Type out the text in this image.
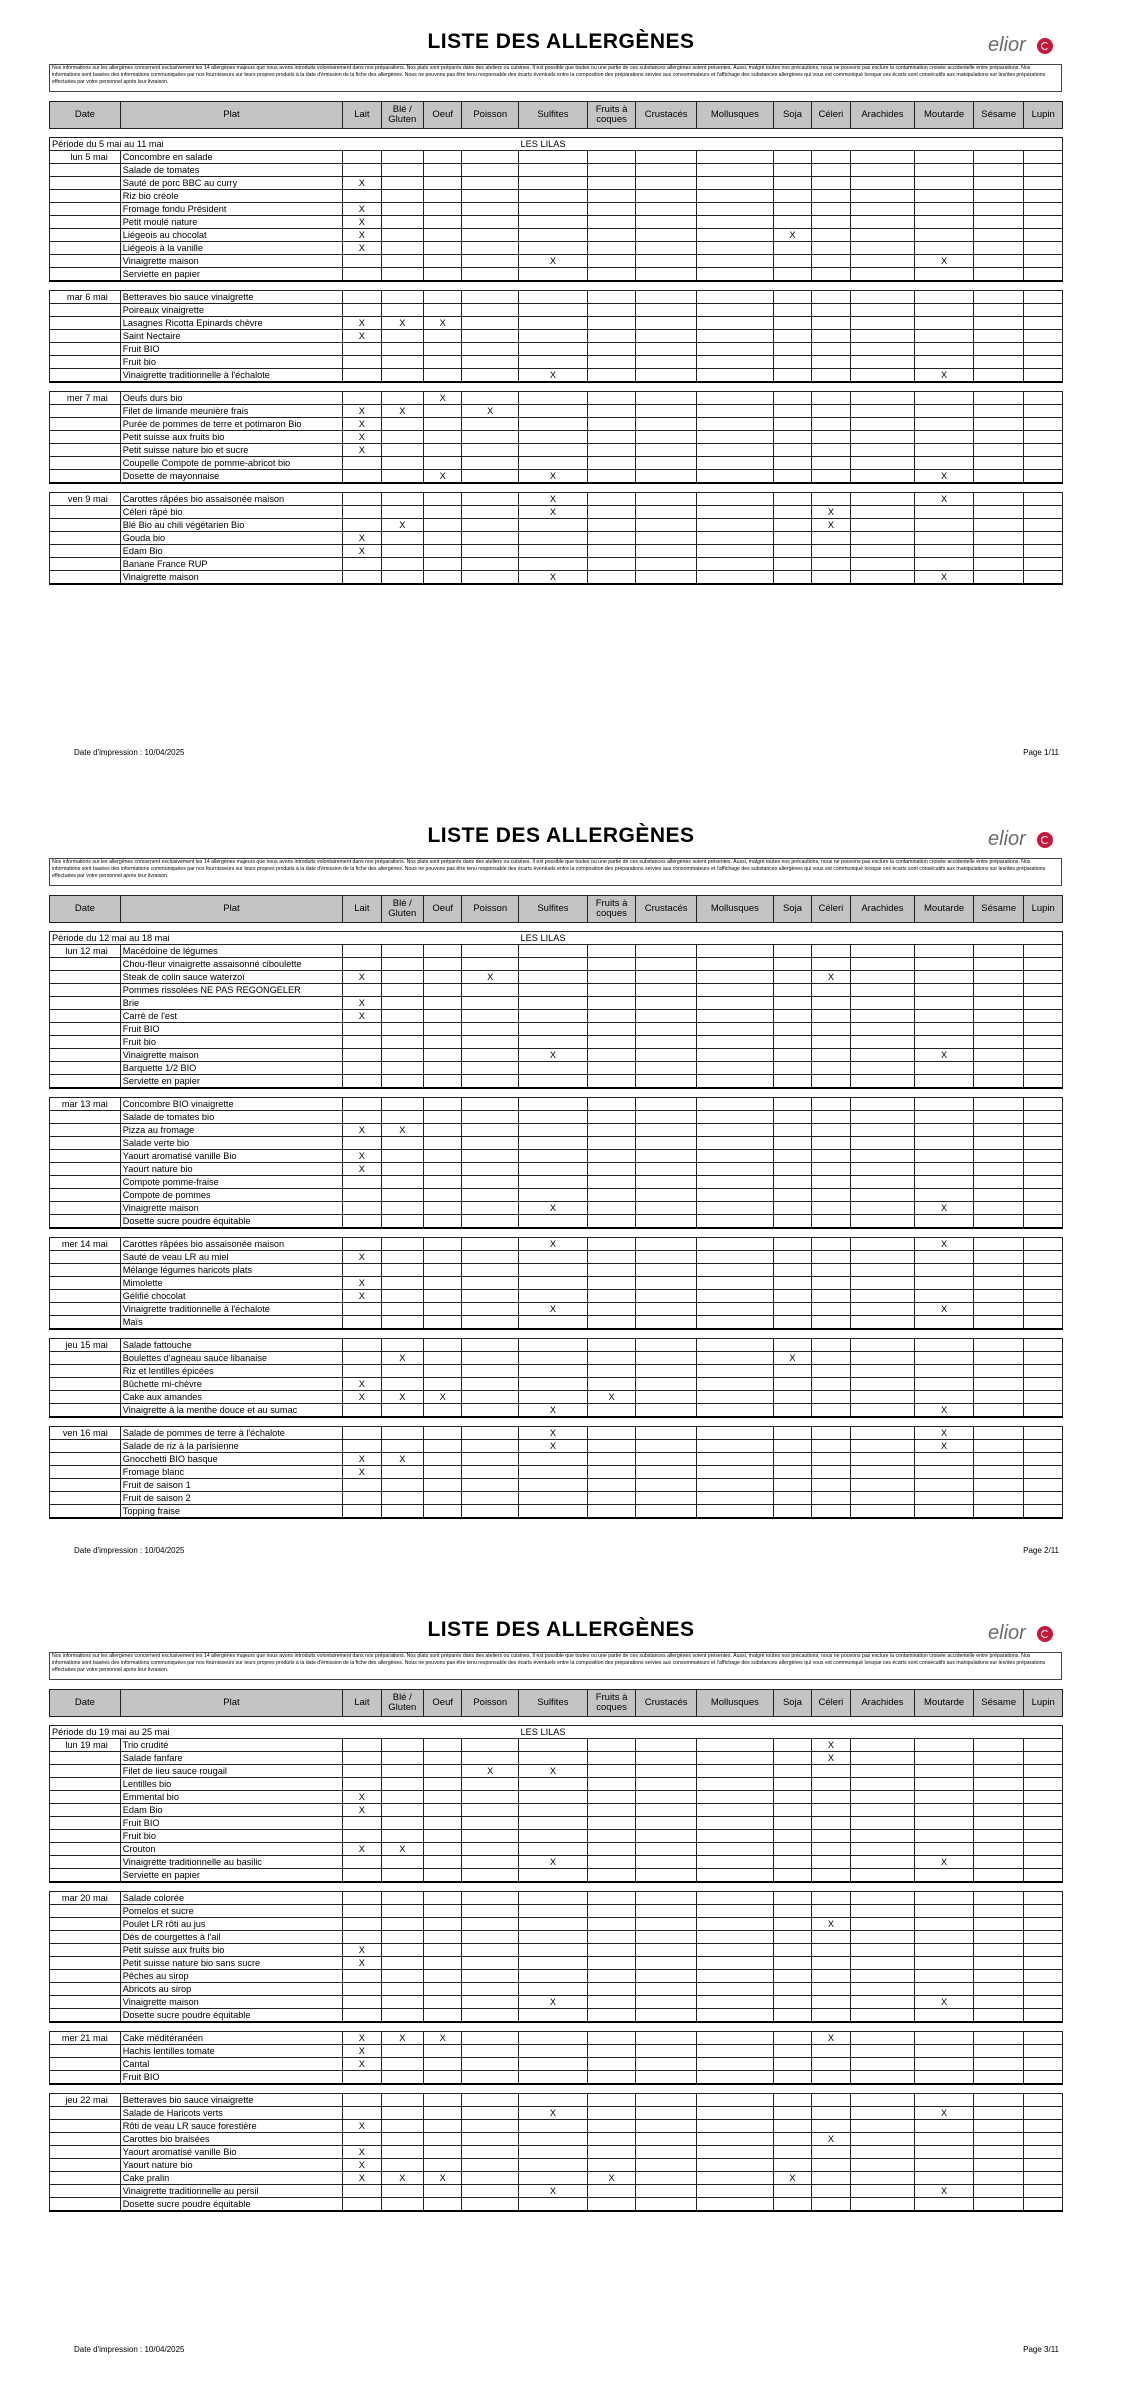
LISTE DES ALLERGÈNES	elior
Nos informations sur les allergènes concernent exclusivement les 14 allergènes majeurs que nous avons introduits volontairement dans nos préparations. Nos plats sont préparés dans des ateliers ou cuisines. Il est possible que toutes ou une partie de ces substances allergènes soient présentes. Aussi, malgré toutes nos précautions, nous ne pouvons pas exclure la contamination croisée accidentelle entre préparations. Nos informations sont basées des informations communiquées par nos fournisseurs sur leurs propres produits à la date d'émission de la fiche des allergènes. Nous ne pouvons pas être tenu responsable des écarts éventuels entre la composition des préparations servies aux consommateurs et l'affichage des substances allergènes qui vous est communiqué lorsque ces écarts sont consécutifs aux manipulations sur les/des préparations effectuées par votre personnel après leur livraison.
Date	Plat	Lait	Blé / Gluten	Oeuf	Poisson	Sulfites	Fruits à coques	Crustacés	Mollusques	Soja	Céleri	Arachides	Moutarde	Sésame	Lupin

Période du 5 mai au 11 mai						LES LILAS									
lun 5 mai	Concombre en salade														
	Salade de tomates														
	Sauté de porc BBC au curry	X													
	Riz bio créole														
	Fromage fondu Président	X													
	Petit moulé nature	X													
	Liégeois au chocolat	X								X					
	Liégeois à la vanille	X													
	Vinaigrette maison					X							X		
	Serviette en papier														

mar 6 mai	Betteraves bio sauce vinaigrette														
	Poireaux vinaigrette														
	Lasagnes Ricotta Epinards chèvre	X	X	X											
	Saint Nectaire	X													
	Fruit BIO														
	Fruit bio														
	Vinaigrette traditionnelle à l'échalote					X							X		

mer 7 mai	Oeufs durs bio			X											
	Filet de limande meunière frais	X	X		X										
	Purée de pommes de terre et potimaron Bio	X													
	Petit suisse aux fruits bio	X													
	Petit suisse nature bio et sucre	X													
	Coupelle Compote de pomme-abricot bio														
	Dosette de mayonnaise			X		X							X		

ven 9 mai	Carottes râpées bio assaisonée maison					X							X		
	Céleri râpé bio					X					X				
	Blé Bio au chili végétarien Bio		X								X				
	Gouda bio	X													
	Edam Bio	X													
	Banane France RUP														
	Vinaigrette maison					X							X		
Date d'impression : 10/04/2025	Page 1/11
LISTE DES ALLERGÈNES	elior
Nos informations sur les allergènes concernent exclusivement les 14 allergènes majeurs que nous avons introduits volontairement dans nos préparations. Nos plats sont préparés dans des ateliers ou cuisines. Il est possible que toutes ou une partie de ces substances allergènes soient présentes. Aussi, malgré toutes nos précautions, nous ne pouvons pas exclure la contamination croisée accidentelle entre préparations. Nos informations sont basées des informations communiquées par nos fournisseurs sur leurs propres produits à la date d'émission de la fiche des allergènes. Nous ne pouvons pas être tenu responsable des écarts éventuels entre la composition des préparations servies aux consommateurs et l'affichage des substances allergènes qui vous est communiqué lorsque ces écarts sont consécutifs aux manipulations sur les/des préparations effectuées par votre personnel après leur livraison.
Date	Plat	Lait	Blé / Gluten	Oeuf	Poisson	Sulfites	Fruits à coques	Crustacés	Mollusques	Soja	Céleri	Arachides	Moutarde	Sésame	Lupin

Période du 12 mai au 18 mai						LES LILAS									
lun 12 mai	Macédoine de légumes														
	Chou-fleur vinaigrette assaisonné ciboulette														
	Steak de colin sauce waterzoï	X			X						X				
	Pommes rissolées NE PAS REGONGELER														
	Brie	X													
	Carré de l'est	X													
	Fruit BIO														
	Fruit bio														
	Vinaigrette maison					X							X		
	Barquette 1/2 BIO														
	Serviette en papier														

mar 13 mai	Concombre BIO vinaigrette														
	Salade de tomates bio														
	Pizza au fromage	X	X												
	Salade verte bio														
	Yaourt aromatisé vanille Bio	X													
	Yaourt nature bio	X													
	Compote pomme-fraise														
	Compote de pommes														
	Vinaigrette maison					X							X		
	Dosette sucre poudre équitable														

mer 14 mai	Carottes râpées bio assaisonée maison					X							X		
	Sauté de veau LR au miel	X													
	Mélange légumes haricots plats														
	Mimolette	X													
	Gélifié chocolat	X													
	Vinaigrette traditionnelle à l'échalote					X							X		
	Maïs														

jeu 15 mai	Salade fattouche														
	Boulettes d'agneau sauce libanaise		X							X					
	Riz et lentilles épicées														
	Bûchette mi-chèvre	X													
	Cake aux amandes	X	X	X			X								
	Vinaigrette à la menthe douce et au sumac					X							X		

ven 16 mai	Salade de pommes de terre à l'échalote					X							X		
	Salade de riz à la parisienne					X							X		
	Gnocchetti BIO basque	X	X												
	Fromage blanc	X													
	Fruit de saison 1														
	Fruit de saison 2														
	Topping fraise														
Date d'impression : 10/04/2025	Page 2/11
LISTE DES ALLERGÈNES	elior
Nos informations sur les allergènes concernent exclusivement les 14 allergènes majeurs que nous avons introduits volontairement dans nos préparations. Nos plats sont préparés dans des ateliers ou cuisines. Il est possible que toutes ou une partie de ces substances allergènes soient présentes. Aussi, malgré toutes nos précautions, nous ne pouvons pas exclure la contamination croisée accidentelle entre préparations. Nos informations sont basées des informations communiquées par nos fournisseurs sur leurs propres produits à la date d'émission de la fiche des allergènes. Nous ne pouvons pas être tenu responsable des écarts éventuels entre la composition des préparations servies aux consommateurs et l'affichage des substances allergènes qui vous est communiqué lorsque ces écarts sont consécutifs aux manipulations sur les/des préparations effectuées par votre personnel après leur livraison.
Date	Plat	Lait	Blé / Gluten	Oeuf	Poisson	Sulfites	Fruits à coques	Crustacés	Mollusques	Soja	Céleri	Arachides	Moutarde	Sésame	Lupin

Période du 19 mai au 25 mai						LES LILAS									
lun 19 mai	Trio crudité										X				
	Salade fanfare										X				
	Filet de lieu sauce rougail				X	X									
	Lentilles bio														
	Emmental bio	X													
	Edam Bio	X													
	Fruit BIO														
	Fruit bio														
	Crouton	X	X												
	Vinaigrette traditionnelle au basilic					X							X		
	Serviette en papier														

mar 20 mai	Salade colorée														
	Pomelos et sucre														
	Poulet LR rôti au jus										X				
	Dés de courgettes à l'ail														
	Petit suisse aux fruits bio	X													
	Petit suisse nature bio sans sucre	X													
	Pêches au sirop														
	Abricots au sirop														
	Vinaigrette maison					X							X		
	Dosette sucre poudre équitable														

mer 21 mai	Cake méditéranéen	X	X	X							X				
	Hachis lentilles tomate	X													
	Cantal	X													
	Fruit BIO														

jeu 22 mai	Betteraves bio sauce vinaigrette														
	Salade de Haricots verts					X							X		
	Rôti de veau LR sauce forestière	X													
	Carottes bio braisées										X				
	Yaourt aromatisé vanille Bio	X													
	Yaourt nature bio	X													
	Cake pralin	X	X	X			X			X					
	Vinaigrette traditionnelle au persil					X							X		
	Dosette sucre poudre équitable														
Date d'impression : 10/04/2025	Page 3/11
